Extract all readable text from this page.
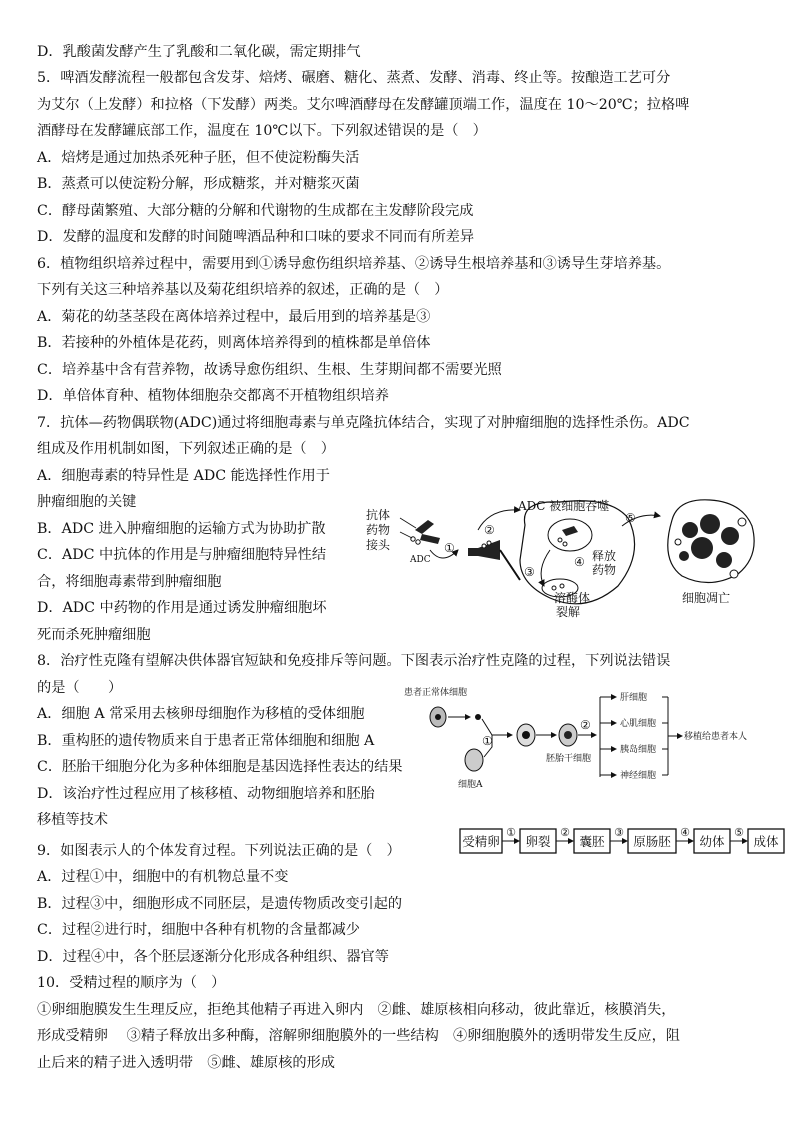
D．乳酸菌发酵产生了乳酸和二氧化碳，需定期排气
5．啤酒发酵流程一般都包含发芽、焙烤、碾磨、糖化、蒸煮、发酵、消毒、终止等。按酿造工艺可分
为艾尔（上发酵）和拉格（下发酵）两类。艾尔啤酒酵母在发酵罐顶端工作，温度在 10～20℃；拉格啤
酒酵母在发酵罐底部工作，温度在 10℃以下。下列叙述错误的是（　）
A．焙烤是通过加热杀死种子胚，但不使淀粉酶失活
B．蒸煮可以使淀粉分解，形成糖浆，并对糖浆灭菌
C．酵母菌繁殖、大部分糖的分解和代谢物的生成都在主发酵阶段完成
D．发酵的温度和发酵的时间随啤酒品种和口味的要求不同而有所差异
6．植物组织培养过程中，需要用到①诱导愈伤组织培养基、②诱导生根培养基和③诱导生芽培养基。
下列有关这三种培养基以及菊花组织培养的叙述，正确的是（　）
A．菊花的幼茎茎段在离体培养过程中，最后用到的培养基是③
B．若接种的外植体是花药，则离体培养得到的植株都是单倍体
C．培养基中含有营养物，故诱导愈伤组织、生根、生芽期间都不需要光照
D．单倍体育种、植物体细胞杂交都离不开植物组织培养
7．抗体—药物偶联物(ADC)通过将细胞毒素与单克隆抗体结合，实现了对肿瘤细胞的选择性杀伤。ADC
组成及作用机制如图，下列叙述正确的是（　）
A．细胞毒素的特异性是 ADC 能选择性作用于
肿瘤细胞的关键
B．ADC 进入肿瘤细胞的运输方式为协助扩散
C．ADC 中抗体的作用是与肿瘤细胞特异性结
合，将细胞毒素带到肿瘤细胞
D．ADC 中药物的作用是通过诱发肿瘤细胞坏
死而杀死肿瘤细胞
8．治疗性克隆有望解决供体器官短缺和免疫排斥等问题。下图表示治疗性克隆的过程，下列说法错误
的是（　　）
A．细胞 A 常采用去核卵母细胞作为移植的受体细胞
B．重构胚的遗传物质来自于患者正常体细胞和细胞 A
C．胚胎干细胞分化为多种体细胞是基因选择性表达的结果
D．该治疗性过程应用了核移植、动物细胞培养和胚胎
移植等技术
9．如图表示人的个体发育过程。下列说法正确的是（　）
A．过程①中，细胞中的有机物总量不变
B．过程③中，细胞形成不同胚层，是遗传物质改变引起的
C．过程②进行时，细胞中各种有机物的含量都减少
D．过程④中，各个胚层逐渐分化形成各种组织、器官等
10．受精过程的顺序为（　）
①卵细胞膜发生生理反应，拒绝其他精子再进入卵内　②雌、雄原核相向移动，彼此靠近，核膜消失，
形成受精卵　 ③精子释放出多种酶，溶解卵细胞膜外的一些结构　④卵细胞膜外的透明带发生反应，阻
止后来的精子进入透明带　⑤雌、雄原核的形成
抗体
药物
接头
ADC
①
②
ADC 被细胞吞噬
③
溶酶体
裂解
④ 释放
药物
⑤
细胞凋亡
患者正常体细胞
细胞A
①
胚胎干细胞
②
肝细胞
心肌细胞
胰岛细胞
神经细胞
移植给患者本人
受精卵
①
卵裂
②
囊胚
③
原肠胚
④
幼体
⑤
成体
